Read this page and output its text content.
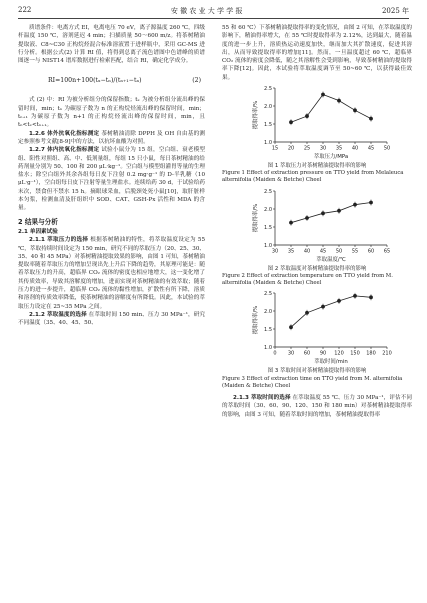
222	安 徽 农 业 大 学 学 报	2025 年

质谱条件：电离方式 EI，电离电压 70 eV，离子源温度 260 ℃，四级杆温度 150 ℃，溶剂延迟 4 min；扫描质量 50～600 m/z。将茶树精油提取液、C8~C30 正构烷烃混合标准溶液置于进样瓶中，采用 GC-MS 进行分析。根据公式(2) 计算 RI 值，将得到总离子流色谱图中色谱峰的质谱图逐一与 NIST14 谱库数据进行检索匹配，结合 RI，确定化学成分。

RI=100n+100(tₓ−tₙ)/(tₙ₊₁−tₙ)	(2)

式 (2) 中：RI 为被分析组分的保留指数；tₓ 为被分析组分流出峰的保留时间，min；tₙ 为碳原子数为 n 的正构烷烃流出峰的保留时间，min；tₙ₊₁ 为碳原子数为 n+1 的正构烷烃流出峰的保留时间，min，且 tₙ<tₓ<tₙ₊₁。

1.2.6 体外抗氧化指标测定 茶树精油清除 DPPH 及 OH 自由基的测定参照参考文献[8-9]中的方法，以抗坏血酸为对照。

1.2.7 体内抗氧化指标测定 试验小鼠分为 15 组，空白组、衰老模型组、阳性对照组、高、中、低剂量组，每组 15 只小鼠，每日茶树精油的给药剂量分别为 50、100 和 200 μL·kg⁻¹。空白组与模型组灌胃等量的生理盐水；除空白组外其余各组每日皮下注射 0.2 mg·g⁻¹ 的 D-半乳糖（10 μL·g⁻¹），空白组每日皮下注射等量生理盐水。连续给药 30 d，于试验给药末次，禁食但不禁水 15 h。摘眼球采血，后脱颈处死小鼠[10]，取肝脏样本匀浆，检测血清及肝组织中 SOD、CAT、GSH-Px 活性和 MDA 的含量。

2 结果与分析

2.1 单因素试验

2.1.1 萃取压力的选择 根据茶树精油的特性，将萃取温度设定为 55 ℃，萃取持续时间设定为 150 min，研究不同的萃取压力（20、25、30、35、40 和 45 MPa）对茶树精油提取效果的影响，由图 1 可知，茶树精油提取率随着萃取压力的增加呈现出先上升后下降的趋势，其原理可能是：随着萃取压力的升高，超临界 CO₂ 流体的密度也相应地增大，这一变化增了其传质效率，导致其溶解度的增加，进而实现对茶树精油的有效萃取；随着压力的进一步提升，超临界 CO₂ 流体的黏性增加，扩散性有所下降，溶质和溶剂的传质效率降低，使茶树精油的溶解度有所降低。因此，本试验的萃取压力设定在 25~35 MPa 之间。

2.1.2 萃取温度的选择 在萃取时间 150 min、压力 30 MPa⁻¹，研究不同温度（35、40、45、50、

55 和 60 ℃）下茶树精油提取得率的变化情况，由图 2 可知，在萃取温度的影响下，精油得率增大，在 55 ℃时提取得率为 2.12%，达到最大，随着温度的进一步上升，溶质热运动速度加快，继而加大其扩散速度，促进其溶出，从而导致提取得率的增加[11]。然而，一旦温度超过 60 ℃，超临界 CO₂ 流体的密度会降低，随之其溶解性会受到影响，导致茶树精油的提取得率下降[12]。因此，本试验将萃取温度调节至 50~60 ℃，以获得最佳效果。

15 20 25 30 35 40 45 50
1.0
1.5
2.0
2.5
萃取压力/MPa
提取得率/%
图 1 萃取压力对茶树精油提取得率的影响
Figure 1 Effect of extraction pressure on TTO yield from Melaleuca alternifolia (Maiden & Betche) Cheel
30 35 40 45 50 55 60 65
1.0
1.5
2.0
2.5
萃取温度/℃
提取得率/%
图 2 萃取温度对茶树精油提取得率的影响
Figure 2 Effect of extraction temperature on TTO yield from M. alternifolia (Maiden & Betche) Cheel
0 30 60 90 120 150 180 210
1.0
1.5
2.0
2.5
萃取时间/min
提取得率/%
图 3 萃取时间对茶树精油提取得率的影响
Figure 3 Effect of extraction time on TTO yield from M. alternifolia (Maiden & Betche) Cheel

2.1.3 萃取时间的选择 在萃取温度 55 ℃、压力 30 MPa⁻¹，评估不同的萃取时间（30、60、90、120、150 和 180 min）对茶树精油提取得率的影响，由图 3 可知，随着萃取时间的增加，茶树精油提取得率
